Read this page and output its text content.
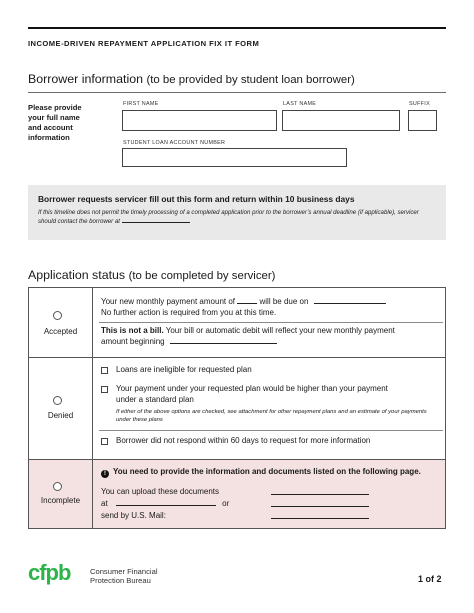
INCOME-DRIVEN REPAYMENT APPLICATION FIX IT FORM
Borrower information (to be provided by student loan borrower)
Please provide your full name and account information
FIRST NAME	LAST NAME	SUFFIX
STUDENT LOAN ACCOUNT NUMBER
Borrower requests servicer fill out this form and return within 10 business days
If this timeline does not permit the timely processing of a completed application prior to the borrower’s annual deadline (if applicable), servicer should contact the borrower at
Application status (to be completed by servicer)
Accepted
Your new monthly payment amount of	will be due on
No further action is required from you at this time.
This is not a bill. Your bill or automatic debit will reflect your new monthly payment
amount beginning
Denied
Loans are ineligible for requested plan
Your payment under your requested plan would be higher than your payment
under a standard plan
If either of the above options are checked, see attachment for other repayment plans and an estimate of your payments under these plans
Borrower did not respond within 60 days to request for more information
Incomplete
! You need to provide the information and documents listed on the following page.
You can upload these documents
at	or
send by U.S. Mail:
cfpb	Consumer Financial
Protection Bureau	1 of 2
